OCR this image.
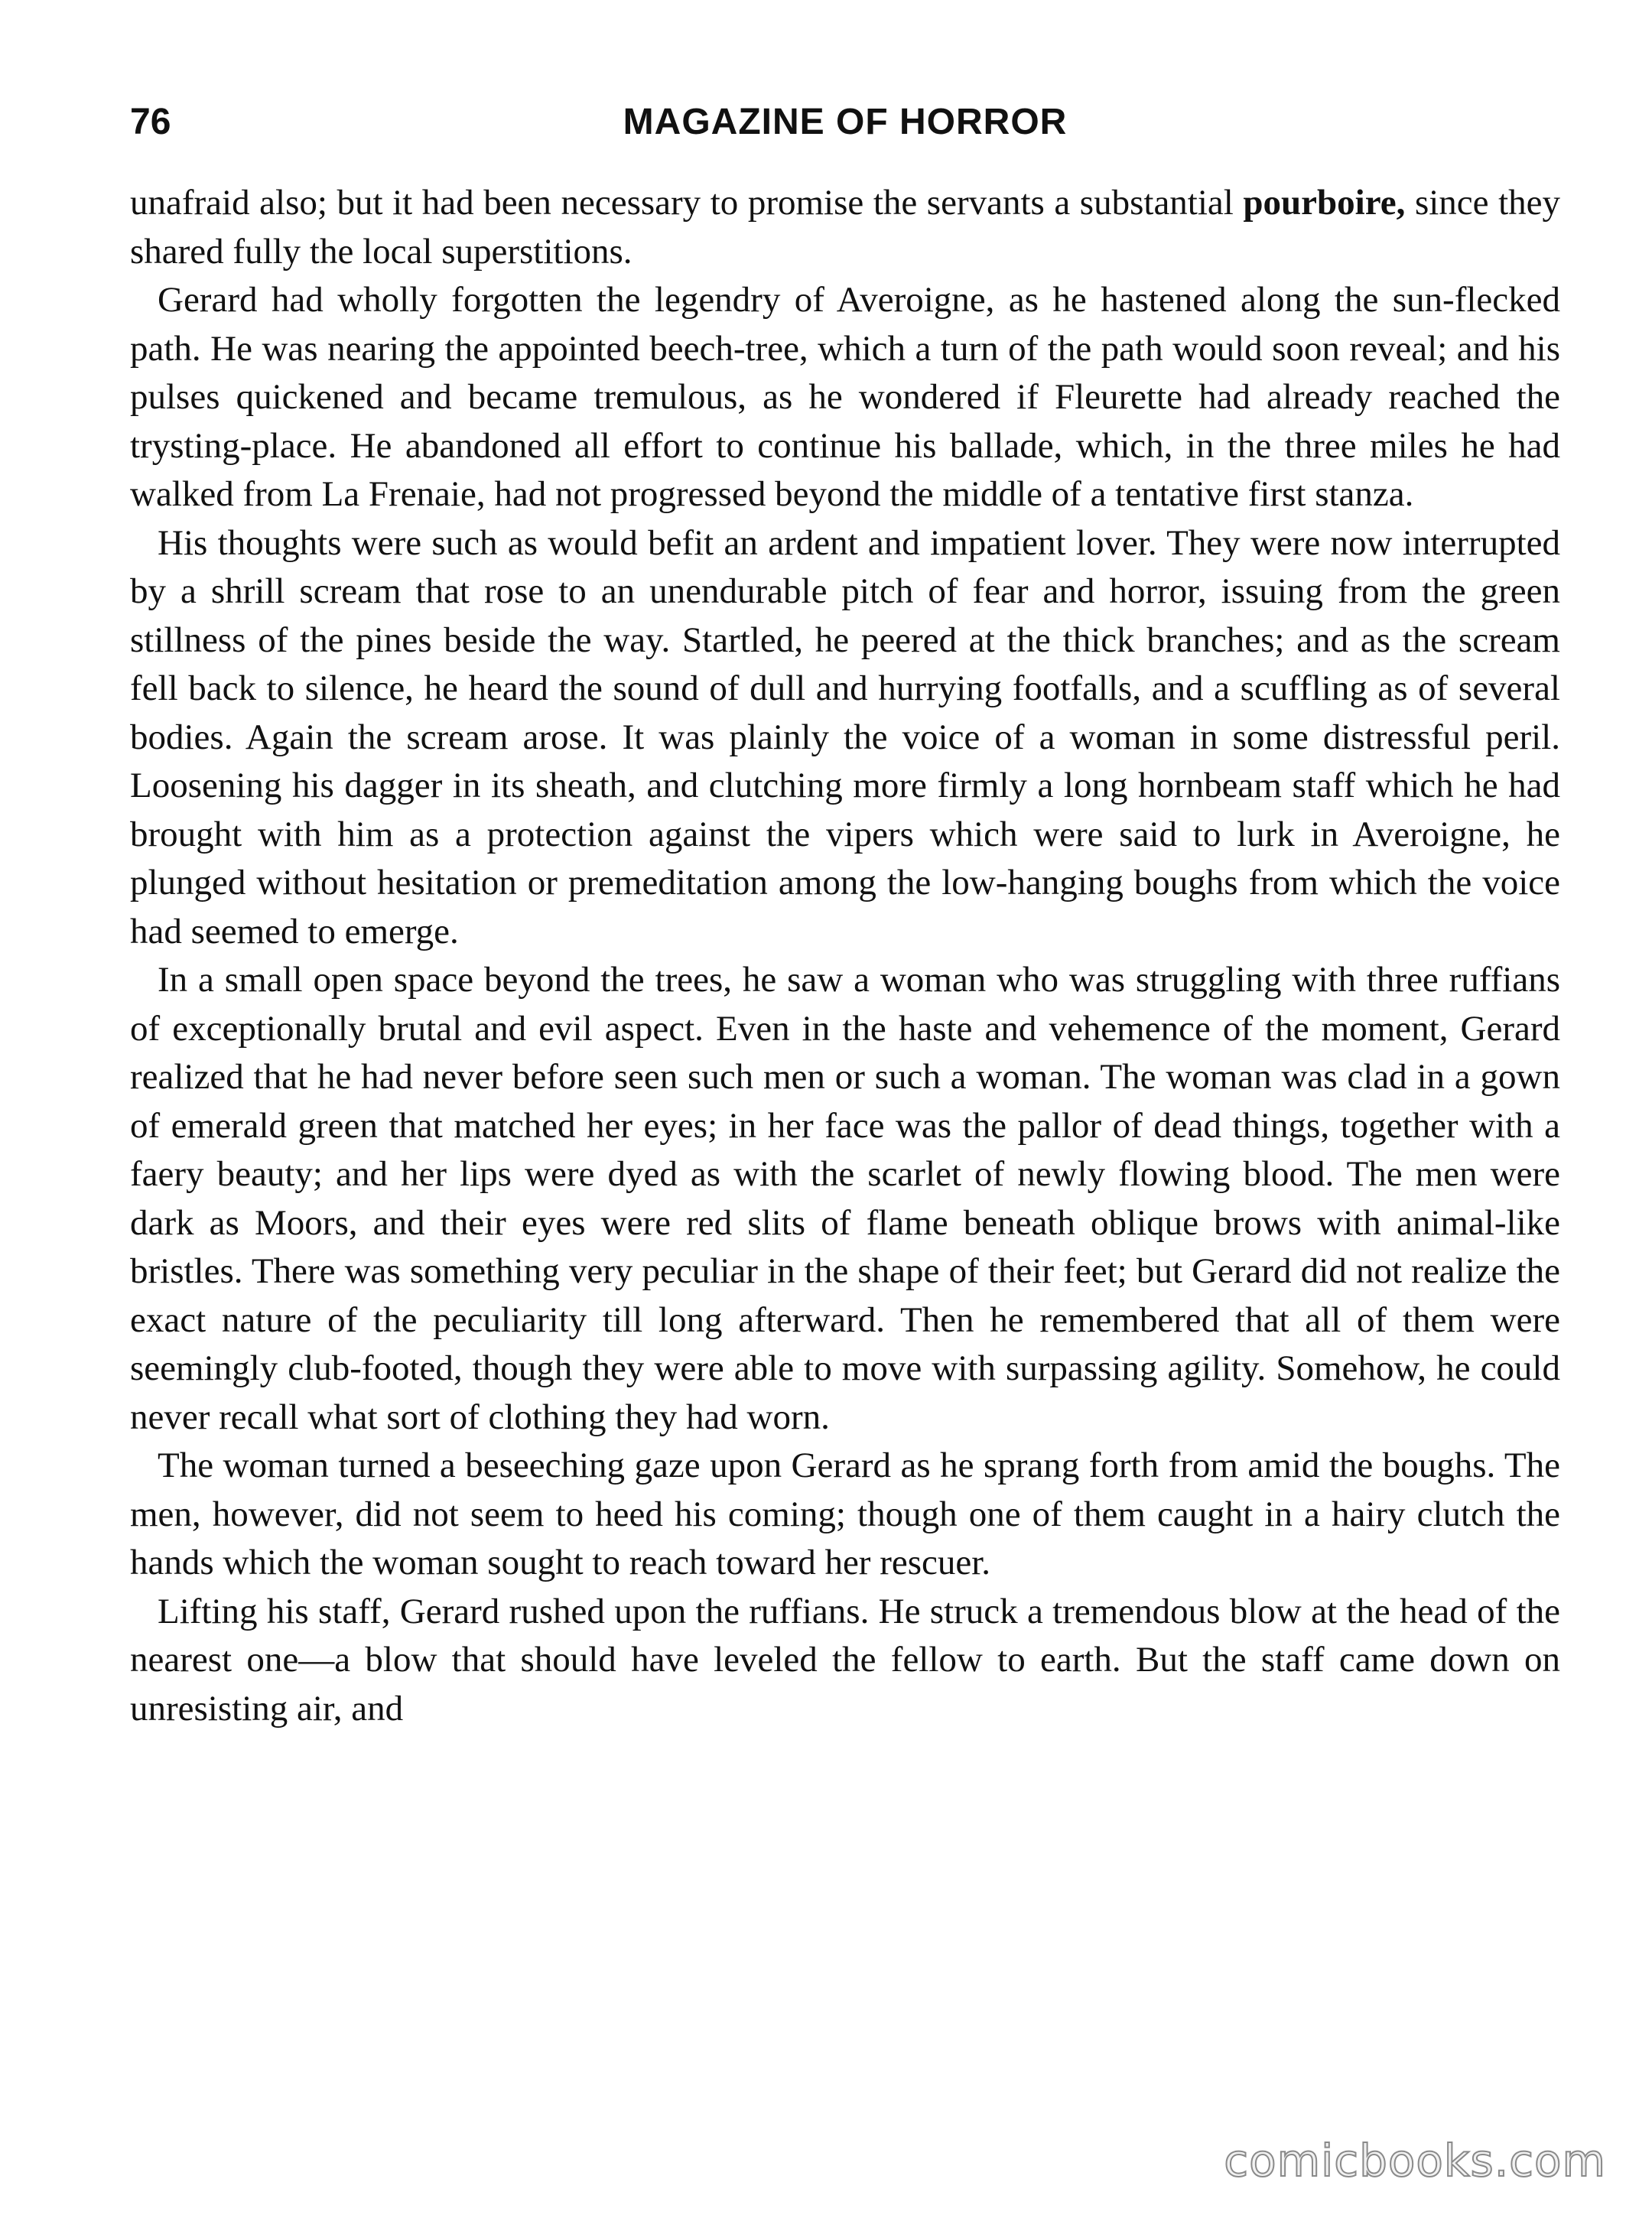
76	MAGAZINE OF HORROR

unafraid also; but it had been necessary to promise the servants a substantial pourboire, since they shared fully the local superstitions.

Gerard had wholly forgotten the legendry of Averoigne, as he hastened along the sun-flecked path. He was nearing the appointed beech-tree, which a turn of the path would soon reveal; and his pulses quickened and became tremulous, as he wondered if Fleurette had already reached the trysting-place. He abandoned all effort to continue his ballade, which, in the three miles he had walked from La Frenaie, had not progressed beyond the middle of a tentative first stanza.

His thoughts were such as would befit an ardent and impatient lover. They were now interrupted by a shrill scream that rose to an unendurable pitch of fear and horror, issuing from the green stillness of the pines beside the way. Startled, he peered at the thick branches; and as the scream fell back to silence, he heard the sound of dull and hurrying footfalls, and a scuffling as of several bodies. Again the scream arose. It was plainly the voice of a woman in some distressful peril. Loosening his dagger in its sheath, and clutching more firmly a long hornbeam staff which he had brought with him as a protection against the vipers which were said to lurk in Averoigne, he plunged without hesitation or premeditation among the low-hanging boughs from which the voice had seemed to emerge.

In a small open space beyond the trees, he saw a woman who was struggling with three ruffians of exceptionally brutal and evil aspect. Even in the haste and vehemence of the moment, Gerard realized that he had never before seen such men or such a woman. The woman was clad in a gown of emerald green that matched her eyes; in her face was the pallor of dead things, together with a faery beauty; and her lips were dyed as with the scarlet of newly flowing blood. The men were dark as Moors, and their eyes were red slits of flame beneath oblique brows with animal-like bristles. There was something very peculiar in the shape of their feet; but Gerard did not realize the exact nature of the peculiarity till long afterward. Then he remembered that all of them were seemingly club-footed, though they were able to move with surpassing agility. Somehow, he could never recall what sort of clothing they had worn.

The woman turned a beseeching gaze upon Gerard as he sprang forth from amid the boughs. The men, however, did not seem to heed his coming; though one of them caught in a hairy clutch the hands which the woman sought to reach toward her rescuer.

Lifting his staff, Gerard rushed upon the ruffians. He struck a tremendous blow at the head of the nearest one—a blow that should have leveled the fellow to earth. But the staff came down on unresisting air, and

comicbooks.com
